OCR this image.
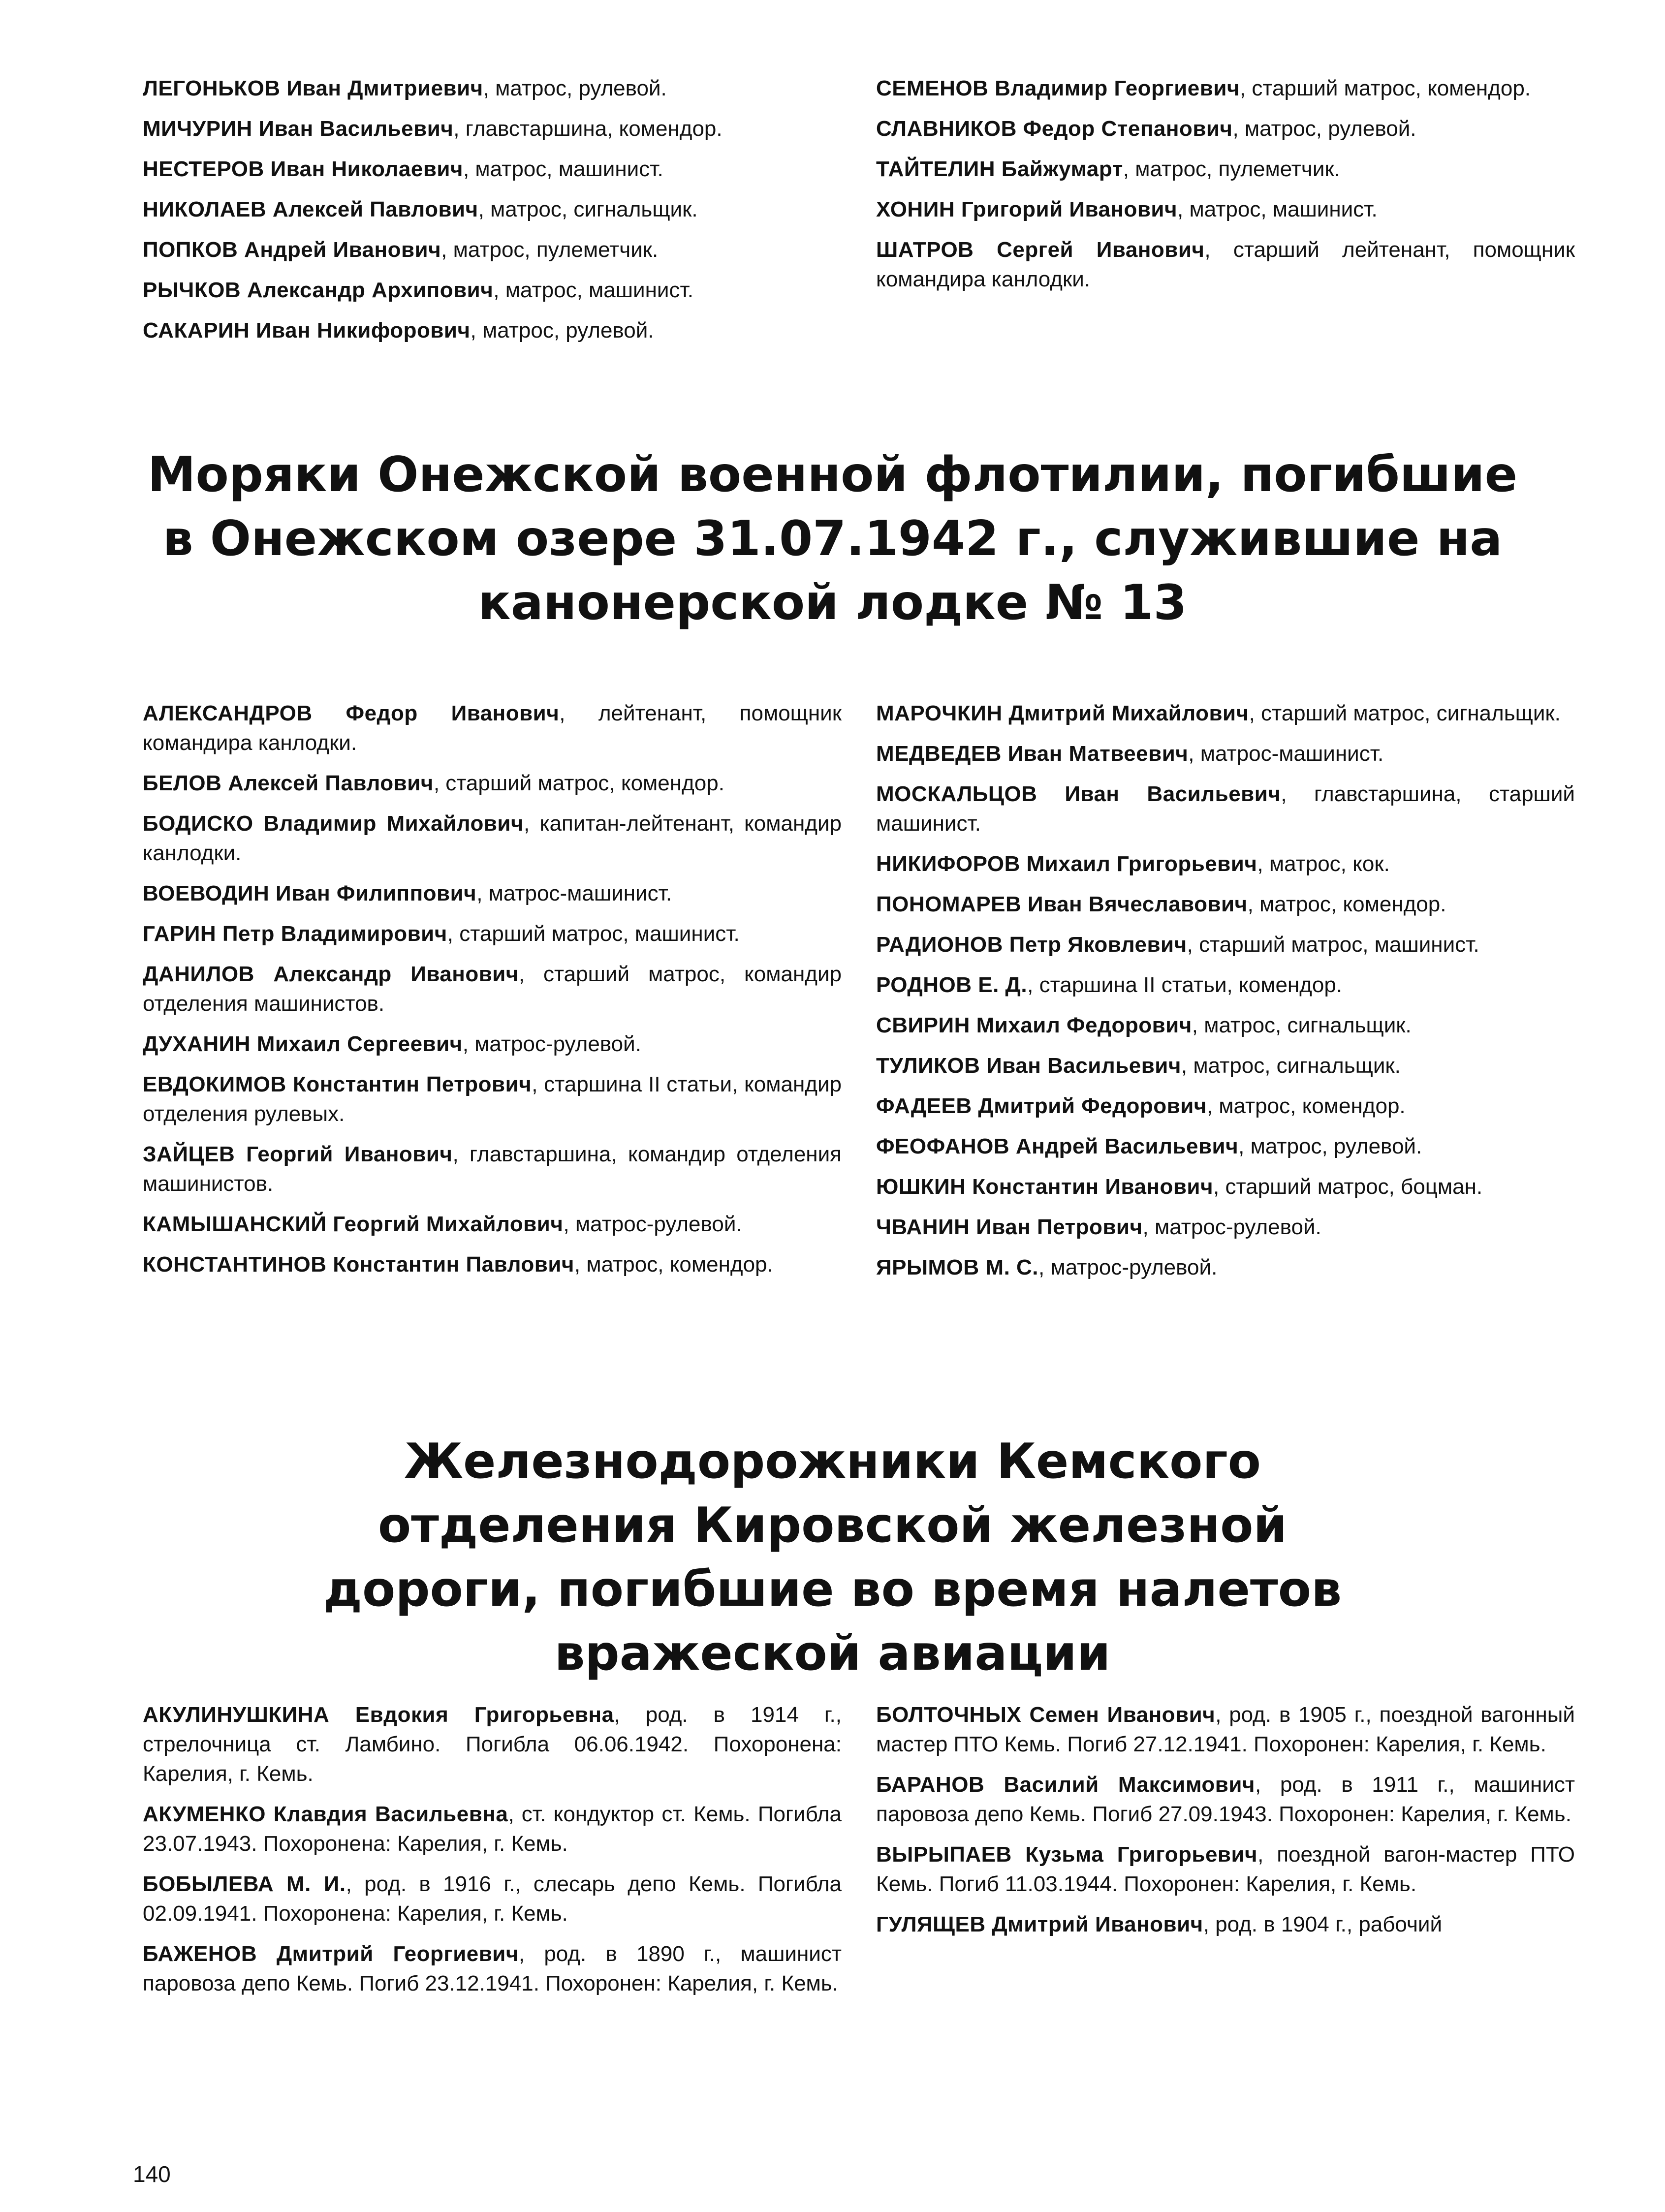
ЛЕГОНЬКОВ Иван Дмитриевич, матрос, рулевой.

МИЧУРИН Иван Васильевич, главстаршина, комендор.

НЕСТЕРОВ Иван Николаевич, матрос, машинист.

НИКОЛАЕВ Алексей Павлович, матрос, сигнальщик.

ПОПКОВ Андрей Иванович, матрос, пулеметчик.

РЫЧКОВ Александр Архипович, матрос, машинист.

САКАРИН Иван Никифорович, матрос, рулевой.

СЕМЕНОВ Владимир Георгиевич, старший матрос, комендор.

СЛАВНИКОВ Федор Степанович, матрос, рулевой.

ТАЙТЕЛИН Байжумарт, матрос, пулеметчик.

ХОНИН Григорий Иванович, матрос, машинист.

ШАТРОВ Сергей Иванович, старший лейтенант, помощник командира канлодки.

Моряки Онежской военной флотилии, погибшие в Онежском озере 31.07.1942 г., служившие на канонерской лодке № 13

АЛЕКСАНДРОВ Федор Иванович, лейтенант, помощник командира канлодки.

БЕЛОВ Алексей Павлович, старший матрос, комендор.

БОДИСКО Владимир Михайлович, капитан-лейтенант, командир канлодки.

ВОЕВОДИН Иван Филиппович, матрос-машинист.

ГАРИН Петр Владимирович, старший матрос, машинист.

ДАНИЛОВ Александр Иванович, старший матрос, командир отделения машинистов.

ДУХАНИН Михаил Сергеевич, матрос-рулевой.

ЕВДОКИМОВ Константин Петрович, старшина II статьи, командир отделения рулевых.

ЗАЙЦЕВ Георгий Иванович, главстаршина, командир отделения машинистов.

КАМЫШАНСКИЙ Георгий Михайлович, матрос-рулевой.

КОНСТАНТИНОВ Константин Павлович, матрос, комендор.

МАРОЧКИН Дмитрий Михайлович, старший матрос, сигнальщик.

МЕДВЕДЕВ Иван Матвеевич, матрос-машинист.

МОСКАЛЬЦОВ Иван Васильевич, главстаршина, старший машинист.

НИКИФОРОВ Михаил Григорьевич, матрос, кок.

ПОНОМАРЕВ Иван Вячеславович, матрос, комендор.

РАДИОНОВ Петр Яковлевич, старший матрос, машинист.

РОДНОВ Е. Д., старшина II статьи, комендор.

СВИРИН Михаил Федорович, матрос, сигнальщик.

ТУЛИКОВ Иван Васильевич, матрос, сигнальщик.

ФАДЕЕВ Дмитрий Федорович, матрос, комендор.

ФЕОФАНОВ Андрей Васильевич, матрос, рулевой.

ЮШКИН Константин Иванович, старший матрос, боцман.

ЧВАНИН Иван Петрович, матрос-рулевой.

ЯРЫМОВ М. С., матрос-рулевой.

Железнодорожники Кемского отделения Кировской железной дороги, погибшие во время налетов вражеской авиации

АКУЛИНУШКИНА Евдокия Григорьевна, род. в 1914 г., стрелочница ст. Ламбино. Погибла 06.06.1942. Похоронена: Карелия, г. Кемь.

АКУМЕНКО Клавдия Васильевна, ст. кондуктор ст. Кемь. Погибла 23.07.1943. Похоронена: Карелия, г. Кемь.

БОБЫЛЕВА М. И., род. в 1916 г., слесарь депо Кемь. Погибла 02.09.1941. Похоронена: Карелия, г. Кемь.

БАЖЕНОВ Дмитрий Георгиевич, род. в 1890 г., машинист паровоза депо Кемь. Погиб 23.12.1941. Похоронен: Карелия, г. Кемь.

БОЛТОЧНЫХ Семен Иванович, род. в 1905 г., поездной вагонный мастер ПТО Кемь. Погиб 27.12.1941. Похоронен: Карелия, г. Кемь.

БАРАНОВ Василий Максимович, род. в 1911 г., машинист паровоза депо Кемь. Погиб 27.09.1943. Похоронен: Карелия, г. Кемь.

ВЫРЫПАЕВ Кузьма Григорьевич, поездной вагон-мастер ПТО Кемь. Погиб 11.03.1944. Похоронен: Карелия, г. Кемь.

ГУЛЯЩЕВ Дмитрий Иванович, род. в 1904 г., рабочий

140
